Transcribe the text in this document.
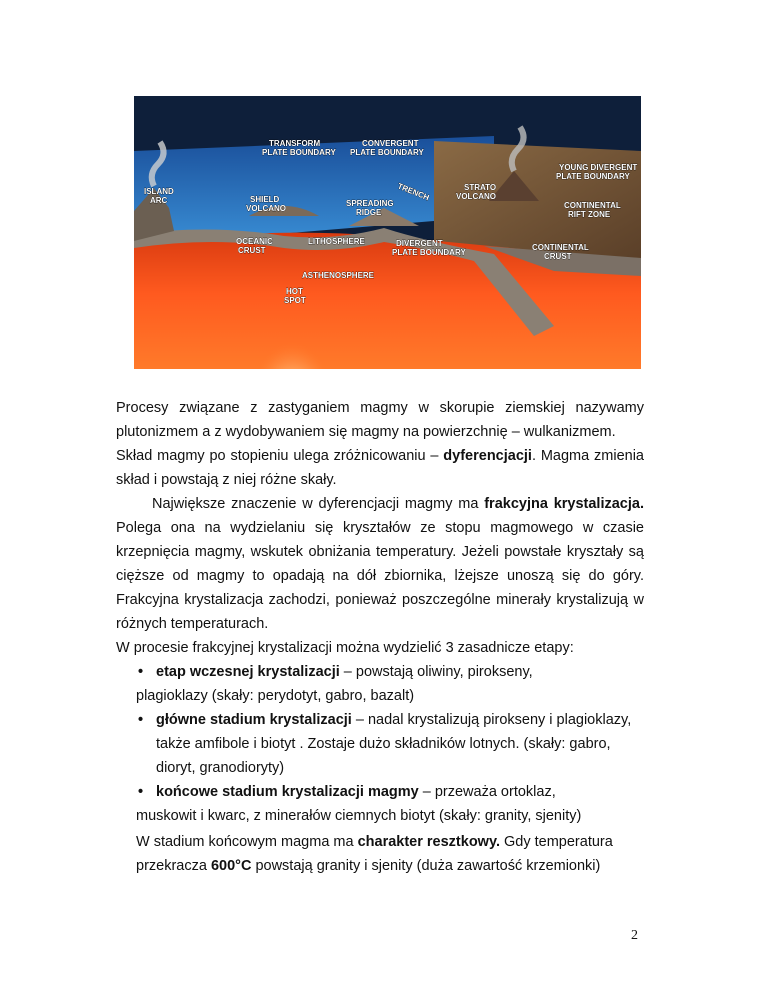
TRANSFORM PLATE BOUNDARY
CONVERGENT PLATE BOUNDARY
YOUNG DIVERGENT PLATE BOUNDARY
ISLAND ARC	SHIELD VOLCANO
TRENCH
SPREADING RIDGE
STRATO VOLCANO
CONTINENTAL RIFT ZONE
OCEANIC CRUST
LITHOSPHERE	DIVERGENT PLATE BOUNDARY
CONTINENTAL CRUST
ASTHENOSPHERE
HOT SPOT
Procesy związane z zastyganiem magmy w skorupie ziemskiej nazywamy plutonizmem a z wydobywaniem się magmy na powierzchnię – wulkanizmem.
Skład magmy po stopieniu ulega zróżnicowaniu – dyferencjacji. Magma zmienia skład i powstają z niej różne skały.
Największe znaczenie w dyferencjacji magmy ma frakcyjna krystalizacja. Polega ona na wydzielaniu się kryształów ze stopu magmowego w czasie krzepnięcia magmy, wskutek obniżania temperatury. Jeżeli powstałe kryształy są cięższe od magmy to opadają na dół zbiornika, lżejsze unoszą się do góry. Frakcyjna krystalizacja zachodzi, ponieważ poszczególne minerały krystalizują w różnych temperaturach.
W procesie frakcyjnej krystalizacji można wydzielić 3 zasadnicze etapy:
• etap wczesnej krystalizacji – powstają oliwiny, pirokseny,
plagioklazy (skały: perydotyt, gabro, bazalt)
• główne stadium krystalizacji – nadal krystalizują pirokseny i plagioklazy,
także amfibole i biotyt . Zostaje dużo składników lotnych. (skały: gabro, dioryt, granodioryty)
• końcowe stadium krystalizacji magmy – przeważa ortoklaz,
muskowit i kwarc, z minerałów ciemnych biotyt (skały: granity, sjenity)
W stadium końcowym magma ma charakter resztkowy. Gdy temperatura przekracza 600°C powstają granity i sjenity (duża zawartość krzemionki)
2
